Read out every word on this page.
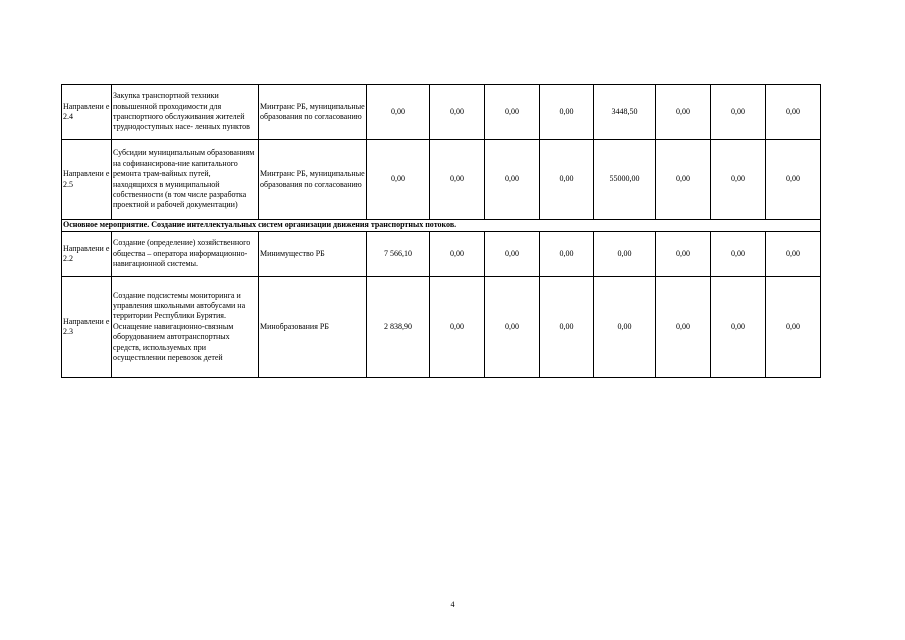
Направлени е 2.4	Закупка транспортной техники повышенной проходимости для транспортного обслуживания жителей труднодоступных насе- ленных пунктов	Минтранс РБ, муниципальные образования по согласованию	0,00	0,00	0,00	0,00	3448,50	0,00	0,00	0,00
Направлени е 2.5	Субсидии муниципальным образованиям на софинансирова-ние капитального ремонта трам-вайных путей, находящихся в муниципальной собственности (в том числе разработка проектной и рабочей документации)	Минтранс РБ, муниципальные образования по согласованию	0,00	0,00	0,00	0,00	55000,00	0,00	0,00	0,00
Основное мероприятие. Создание интеллектуальных систем организации движения транспортных потоков.										
Направлени е 2.2	Создание (определение) хозяйственного общества – оператора информационно-навигационной системы.	Минимущество РБ	7 566,10	0,00	0,00	0,00	0,00	0,00	0,00	0,00
Направлени е 2.3	Создание подсистемы мониторинга и управления школьными автобусами на территории Республики Бурятия. Оснащение навигационно-связным оборудованием автотранспортных средств, используемых при осуществлении перевозок детей	Минобразования РБ	2 838,90	0,00	0,00	0,00	0,00	0,00	0,00	0,00
4
